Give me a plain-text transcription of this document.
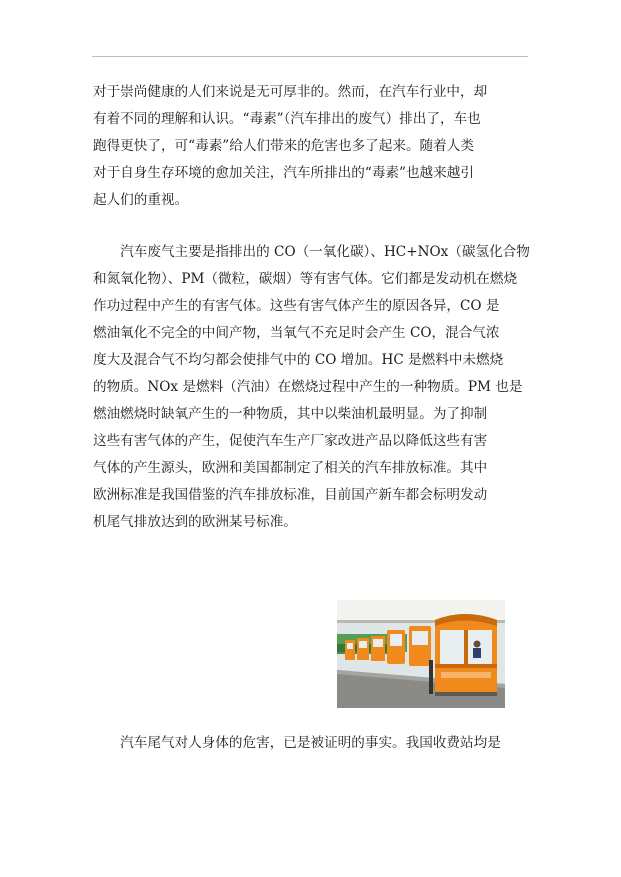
对于崇尚健康的人们来说是无可厚非的。然而，在汽车行业中，却
有着不同的理解和认识。“毒素”（汽车排出的废气）排出了，车也
跑得更快了，可“毒素”给人们带来的危害也多了起来。随着人类
对于自身生存环境的愈加关注，汽车所排出的“毒素”也越来越引
起人们的重视。
　　汽车废气主要是指排出的 CO（一氧化碳）、HC+NOx（碳氢化合物
和氮氧化物）、PM（微粒，碳烟）等有害气体。它们都是发动机在燃烧
作功过程中产生的有害气体。这些有害气体产生的原因各异，CO 是
燃油氧化不完全的中间产物，当氧气不充足时会产生 CO，混合气浓
度大及混合气不均匀都会使排气中的 CO 增加。HC 是燃料中未燃烧
的物质。NOx 是燃料（汽油）在燃烧过程中产生的一种物质。PM 也是
燃油燃烧时缺氧产生的一种物质，其中以柴油机最明显。为了抑制
这些有害气体的产生，促使汽车生产厂家改进产品以降低这些有害
气体的产生源头，欧洲和美国都制定了相关的汽车排放标准。其中
欧洲标准是我国借鉴的汽车排放标准，目前国产新车都会标明发动
机尾气排放达到的欧洲某号标准。
　　汽车尾气对人身体的危害，已是被证明的事实。我国收费站均是
